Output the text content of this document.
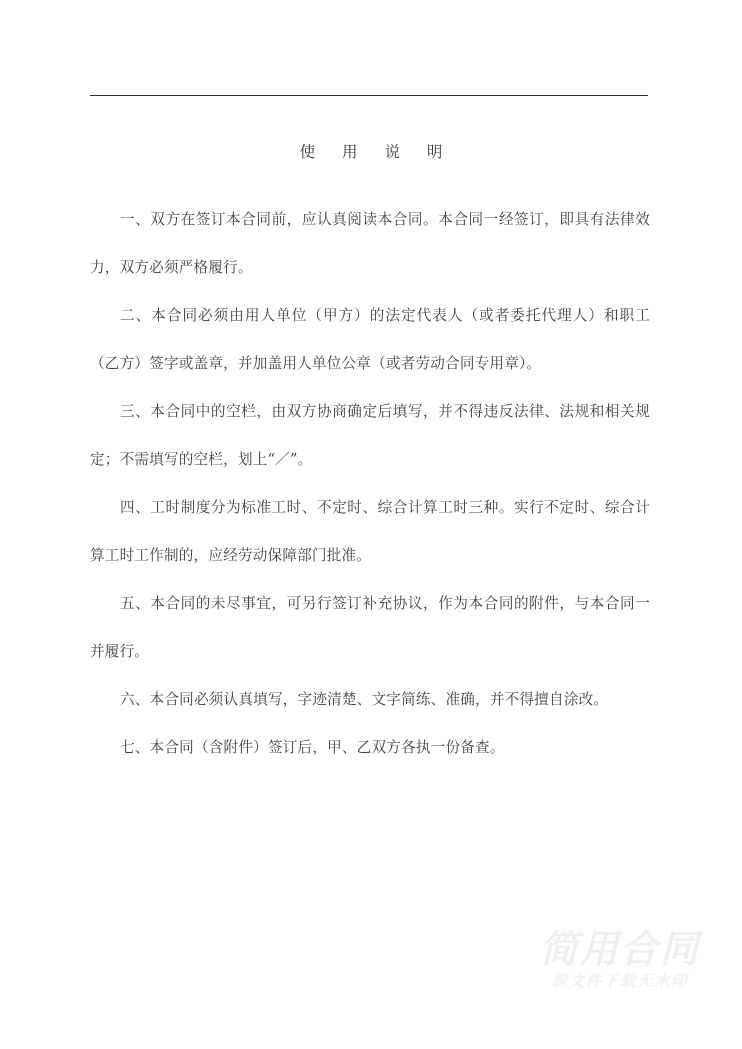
使 用 说 明

一、双方在签订本合同前，应认真阅读本合同。本合同一经签订，即具有法律效力，双方必须严格履行。

二、本合同必须由用人单位（甲方）的法定代表人（或者委托代理人）和职工（乙方）签字或盖章，并加盖用人单位公章（或者劳动合同专用章）。

三、本合同中的空栏，由双方协商确定后填写，并不得违反法律、法规和相关规定；不需填写的空栏，划上“／”。

四、工时制度分为标准工时、不定时、综合计算工时三种。实行不定时、综合计算工时工作制的，应经劳动保障部门批准。

五、本合同的未尽事宜，可另行签订补充协议，作为本合同的附件，与本合同一并履行。

六、本合同必须认真填写，字迹清楚、文字简练、准确，并不得擅自涂改。

七、本合同（含附件）签订后，甲、乙双方各执一份备查。

简用合同
源文件下载无水印
